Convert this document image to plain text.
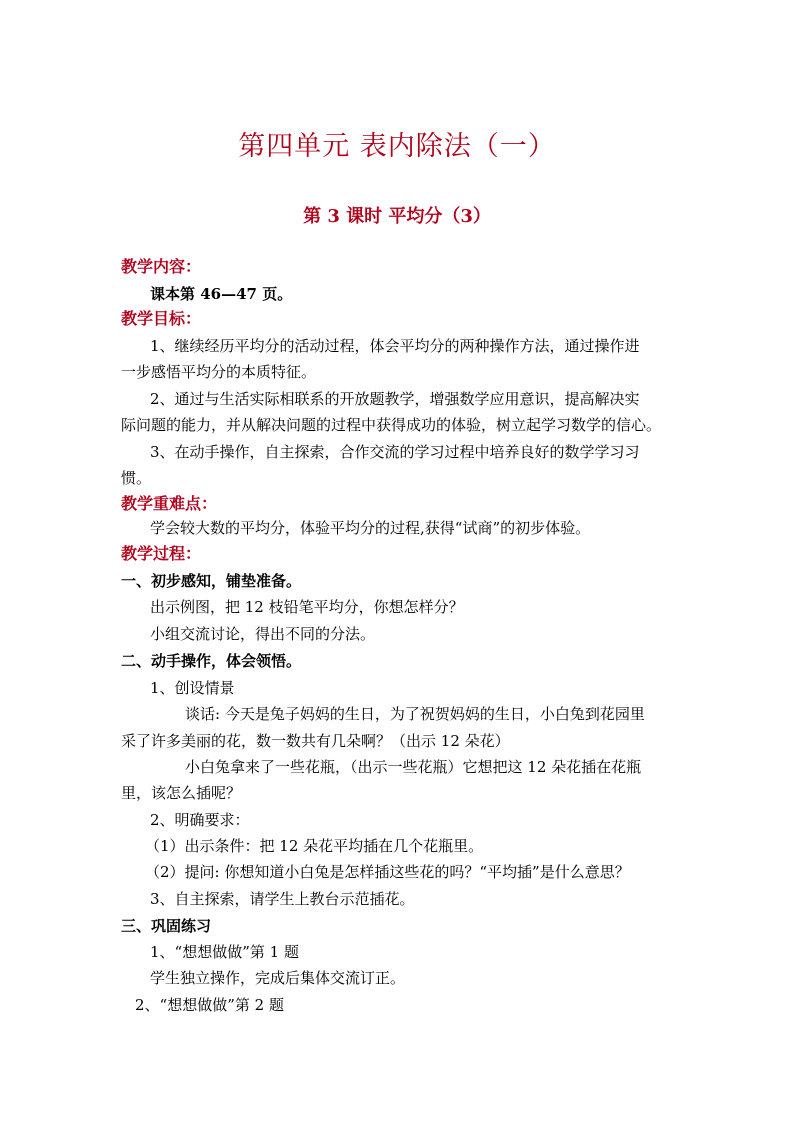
第四单元 表内除法（一）
第 3 课时 平均分（3）
教学内容：
课本第 46—47 页。
教学目标：
1、继续经历平均分的活动过程，体会平均分的两种操作方法，通过操作进
一步感悟平均分的本质特征。
2、通过与生活实际相联系的开放题教学，增强数学应用意识，提高解决实
际问题的能力，并从解决问题的过程中获得成功的体验，树立起学习数学的信心。
3、在动手操作，自主探索，合作交流的学习过程中培养良好的数学学习习
惯。
教学重难点：
学会较大数的平均分，体验平均分的过程,获得“试商”的初步体验。
教学过程：
一、初步感知，铺垫准备。
出示例图，把 12 枝铅笔平均分，你想怎样分？
小组交流讨论，得出不同的分法。
二、动手操作，体会领悟。
1、创设情景
谈话: 今天是兔子妈妈的生日，为了祝贺妈妈的生日，小白兔到花园里
采了许多美丽的花，数一数共有几朵啊？（出示 12 朵花）
小白兔拿来了一些花瓶，（出示一些花瓶）它想把这 12 朵花插在花瓶
里，该怎么插呢？
2、明确要求：
（1）出示条件：把 12 朵花平均插在几个花瓶里。
（2）提问: 你想知道小白兔是怎样插这些花的吗？“平均插”是什么意思？
3、自主探索，请学生上教台示范插花。
三、巩固练习
1、“想想做做”第 1 题
学生独立操作，完成后集体交流订正。
2、“想想做做”第 2 题
